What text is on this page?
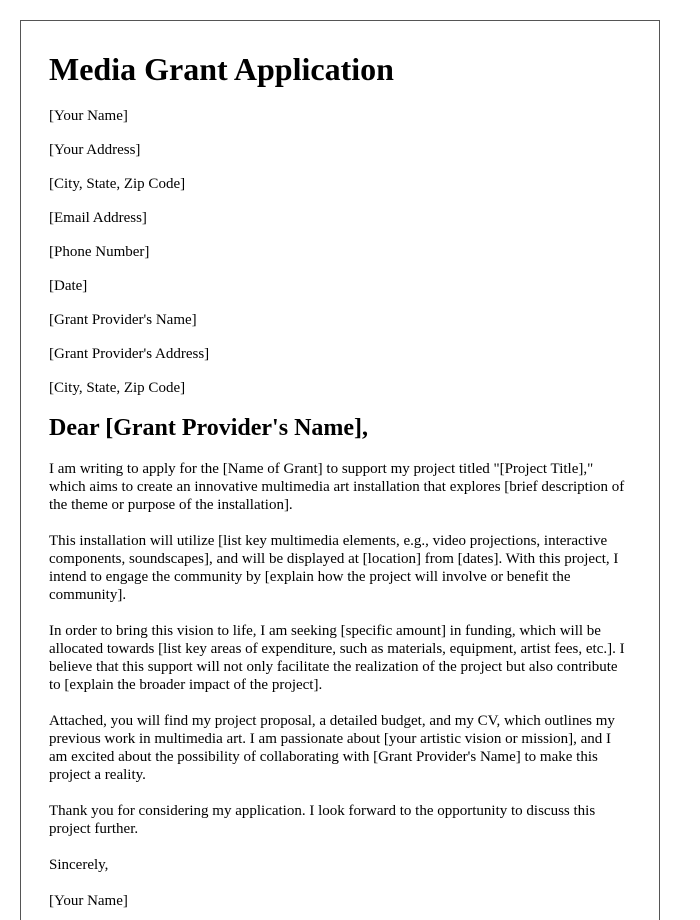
Media Grant Application

[Your Name]

[Your Address]

[City, State, Zip Code]

[Email Address]

[Phone Number]

[Date]

[Grant Provider's Name]

[Grant Provider's Address]

[City, State, Zip Code]

Dear [Grant Provider's Name],

I am writing to apply for the [Name of Grant] to support my project titled "[Project Title]," which aims to create an innovative multimedia art installation that explores [brief description of the theme or purpose of the installation].

This installation will utilize [list key multimedia elements, e.g., video projections, interactive components, soundscapes], and will be displayed at [location] from [dates]. With this project, I intend to engage the community by [explain how the project will involve or benefit the community].

In order to bring this vision to life, I am seeking [specific amount] in funding, which will be allocated towards [list key areas of expenditure, such as materials, equipment, artist fees, etc.]. I believe that this support will not only facilitate the realization of the project but also contribute to [explain the broader impact of the project].

Attached, you will find my project proposal, a detailed budget, and my CV, which outlines my previous work in multimedia art. I am passionate about [your artistic vision or mission], and I am excited about the possibility of collaborating with [Grant Provider's Name] to make this project a reality.

Thank you for considering my application. I look forward to the opportunity to discuss this project further.

Sincerely,

[Your Name]
